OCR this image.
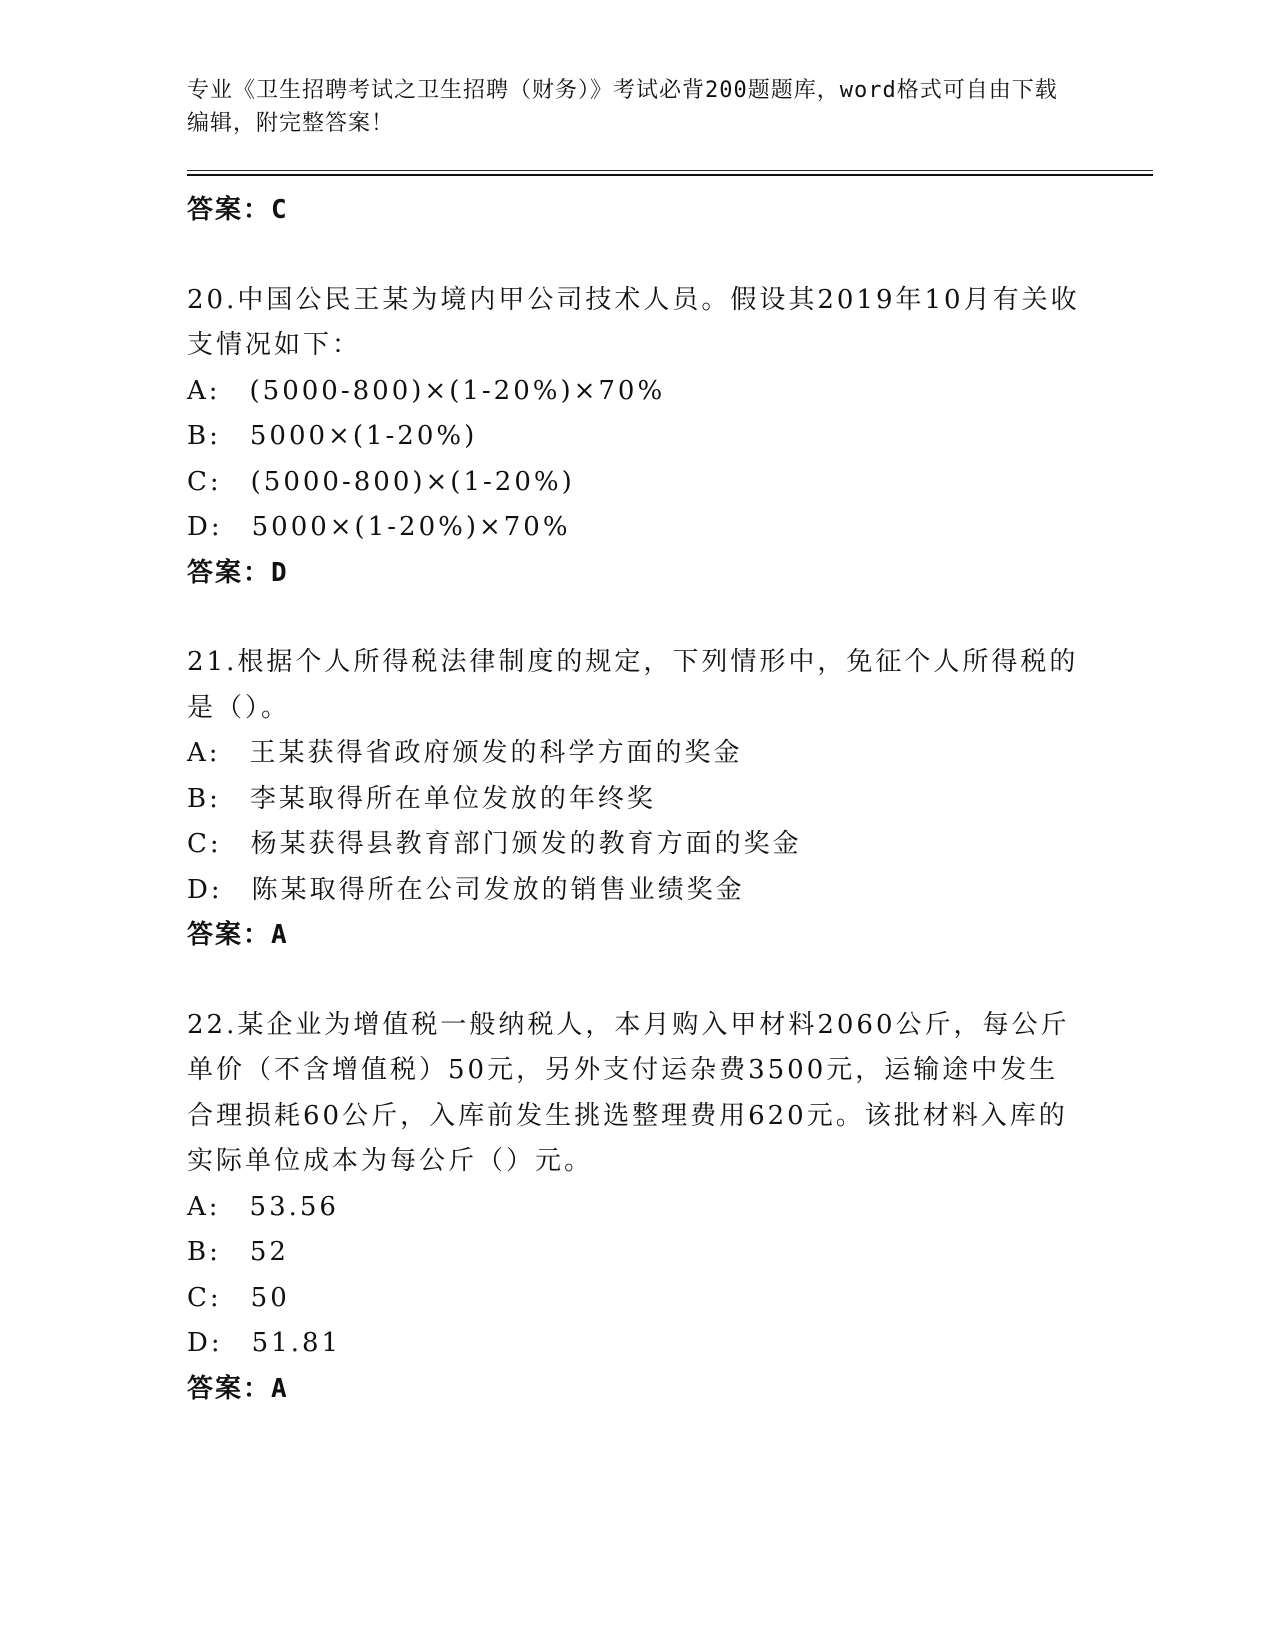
专业《卫生招聘考试之卫生招聘（财务）》考试必背200题题库，word格式可自由下载编辑，附完整答案！
答案：C
20.中国公民王某为境内甲公司技术人员。假设其2019年10月有关收支情况如下：
A:　(5000-800)×(1-20%)×70%
B:　5000×(1-20%)
C:　(5000-800)×(1-20%)
D:　5000×(1-20%)×70%
答案：D
21.根据个人所得税法律制度的规定，下列情形中，免征个人所得税的是（）。
A:　王某获得省政府颁发的科学方面的奖金
B:　李某取得所在单位发放的年终奖
C:　杨某获得县教育部门颁发的教育方面的奖金
D:　陈某取得所在公司发放的销售业绩奖金
答案：A
22.某企业为增值税一般纳税人，本月购入甲材料2060公斤，每公斤单价（不含增值税）50元，另外支付运杂费3500元，运输途中发生合理损耗60公斤，入库前发生挑选整理费用620元。该批材料入库的实际单位成本为每公斤（）元。
A:　53.56
B:　52
C:　50
D:　51.81
答案：A
